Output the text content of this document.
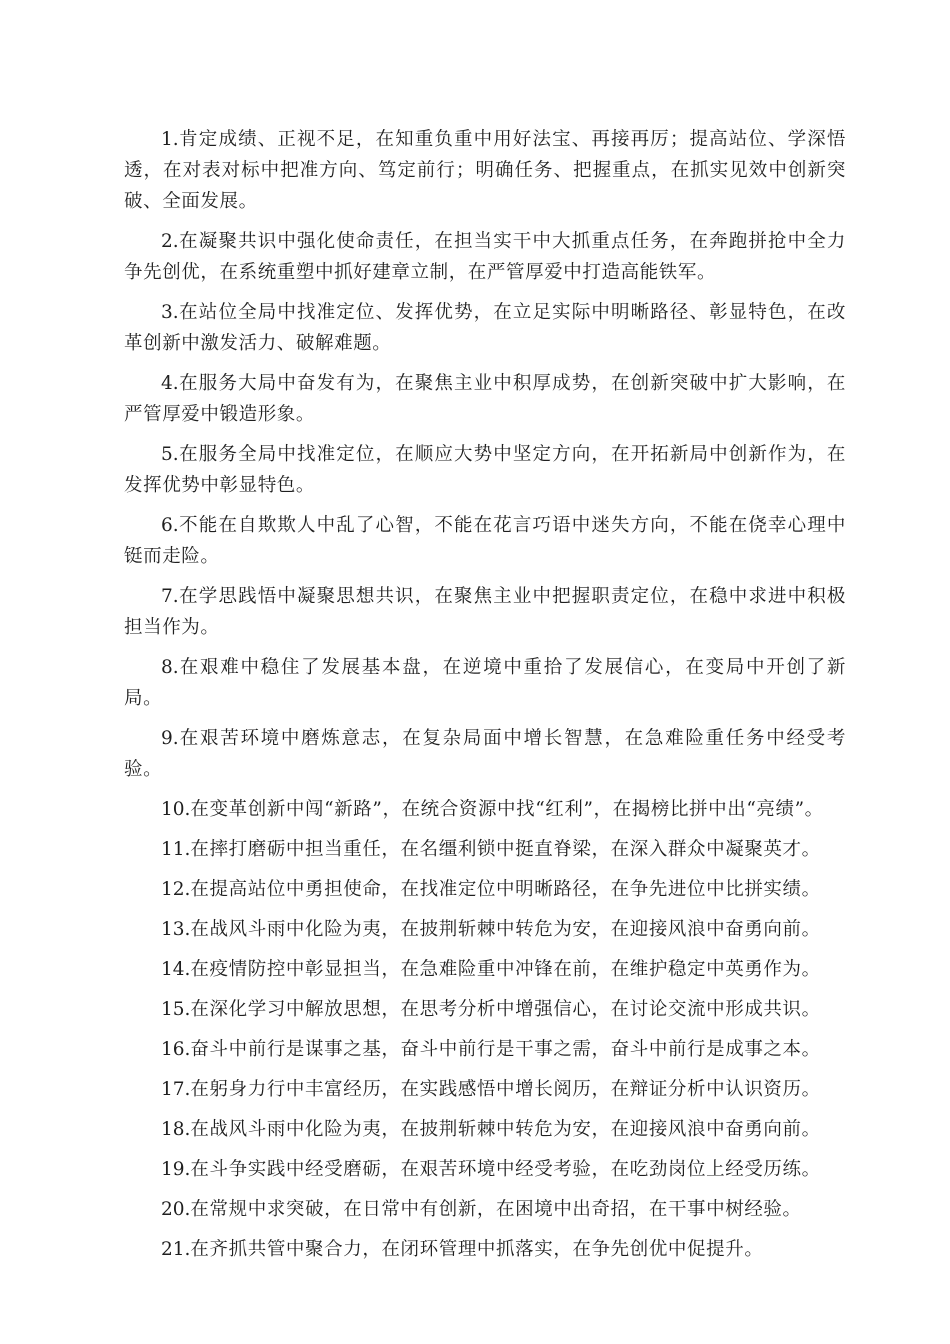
1.肯定成绩、正视不足，在知重负重中用好法宝、再接再厉；提高站位、学深悟透，在对表对标中把准方向、笃定前行；明确任务、把握重点，在抓实见效中创新突破、全面发展。

2.在凝聚共识中强化使命责任，在担当实干中大抓重点任务，在奔跑拼抢中全力争先创优，在系统重塑中抓好建章立制，在严管厚爱中打造高能铁军。

3.在站位全局中找准定位、发挥优势，在立足实际中明晰路径、彰显特色，在改革创新中激发活力、破解难题。

4.在服务大局中奋发有为，在聚焦主业中积厚成势，在创新突破中扩大影响，在严管厚爱中锻造形象。

5.在服务全局中找准定位，在顺应大势中坚定方向，在开拓新局中创新作为，在发挥优势中彰显特色。

6.不能在自欺欺人中乱了心智，不能在花言巧语中迷失方向，不能在侥幸心理中铤而走险。

7.在学思践悟中凝聚思想共识，在聚焦主业中把握职责定位，在稳中求进中积极担当作为。

8.在艰难中稳住了发展基本盘，在逆境中重拾了发展信心，在变局中开创了新局。

9.在艰苦环境中磨炼意志，在复杂局面中增长智慧，在急难险重任务中经受考验。

10.在变革创新中闯“新路”，在统合资源中找“红利”，在揭榜比拼中出“亮绩”。

11.在摔打磨砺中担当重任，在名缰利锁中挺直脊梁，在深入群众中凝聚英才。

12.在提高站位中勇担使命，在找准定位中明晰路径，在争先进位中比拼实绩。

13.在战风斗雨中化险为夷，在披荆斩棘中转危为安，在迎接风浪中奋勇向前。

14.在疫情防控中彰显担当，在急难险重中冲锋在前，在维护稳定中英勇作为。

15.在深化学习中解放思想，在思考分析中增强信心，在讨论交流中形成共识。

16.奋斗中前行是谋事之基，奋斗中前行是干事之需，奋斗中前行是成事之本。

17.在躬身力行中丰富经历，在实践感悟中增长阅历，在辩证分析中认识资历。

18.在战风斗雨中化险为夷，在披荆斩棘中转危为安，在迎接风浪中奋勇向前。

19.在斗争实践中经受磨砺，在艰苦环境中经受考验，在吃劲岗位上经受历练。

20.在常规中求突破，在日常中有创新，在困境中出奇招，在干事中树经验。

21.在齐抓共管中聚合力，在闭环管理中抓落实，在争先创优中促提升。
